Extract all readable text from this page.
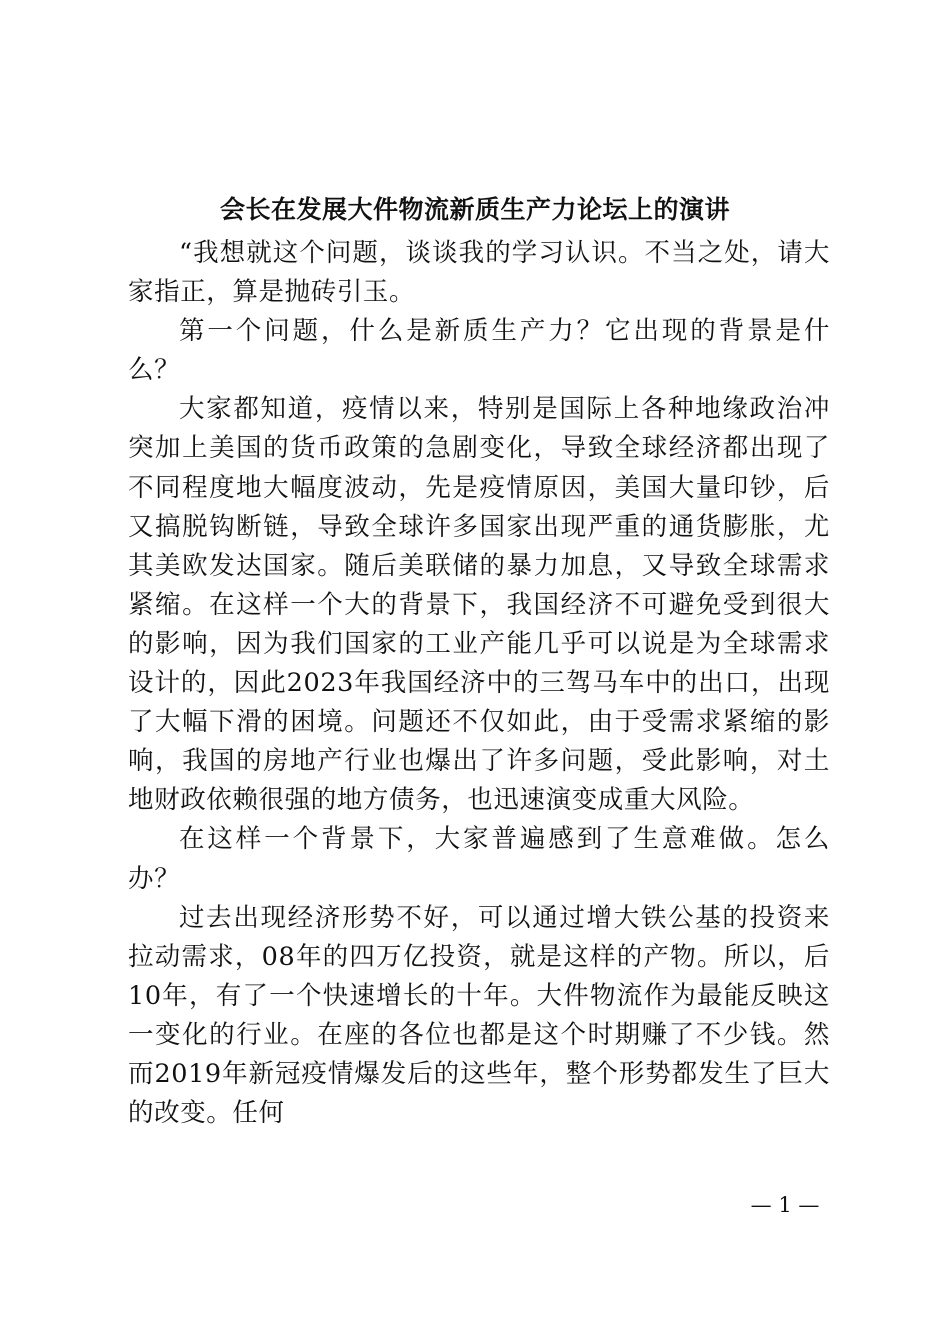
会长在发展大件物流新质生产力论坛上的演讲

“我想就这个问题，谈谈我的学习认识。不当之处，请大家指正，算是抛砖引玉。

第一个问题，什么是新质生产力？它出现的背景是什么？

大家都知道，疫情以来，特别是国际上各种地缘政治冲突加上美国的货币政策的急剧变化，导致全球经济都出现了不同程度地大幅度波动，先是疫情原因，美国大量印钞，后又搞脱钩断链，导致全球许多国家出现严重的通货膨胀，尤其美欧发达国家。随后美联储的暴力加息，又导致全球需求紧缩。在这样一个大的背景下，我国经济不可避免受到很大的影响，因为我们国家的工业产能几乎可以说是为全球需求设计的，因此2023年我国经济中的三驾马车中的出口，出现了大幅下滑的困境。问题还不仅如此，由于受需求紧缩的影响，我国的房地产行业也爆出了许多问题，受此影响，对土地财政依赖很强的地方债务，也迅速演变成重大风险。

在这样一个背景下，大家普遍感到了生意难做。怎么办？

过去出现经济形势不好，可以通过增大铁公基的投资来拉动需求，08年的四万亿投资，就是这样的产物。所以，后10年，有了一个快速增长的十年。大件物流作为最能反映这一变化的行业。在座的各位也都是这个时期赚了不少钱。然而2019年新冠疫情爆发后的这些年，整个形势都发生了巨大的改变。任何

— 1 —
